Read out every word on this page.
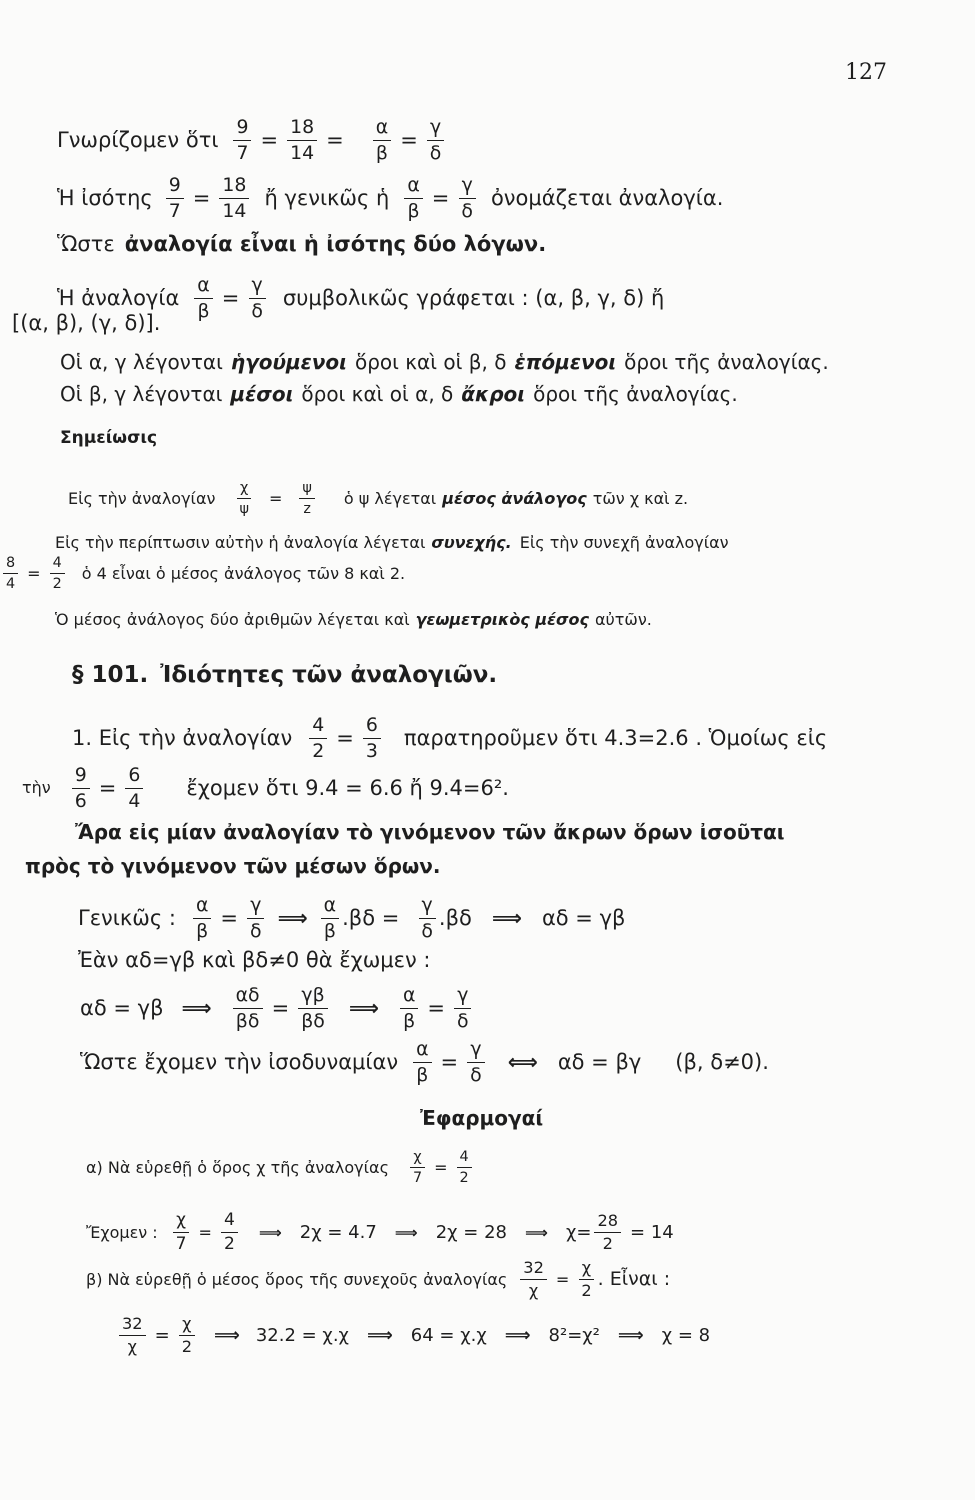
127
Γνωρίζομεν ὅτι $\frac{9}{7} = \frac{18}{14} = \frac{\alpha}{\beta} = \frac{\gamma}{\delta}$
Ἡ ἰσότης $\frac{9}{7} = \frac{18}{14}$ ἤ γενικῶς ἡ $\frac{\alpha}{\beta} = \frac{\gamma}{\delta}$ ὀνομάζεται ἀναλογία.
Ὥστε ἀναλογία εἶναι ἡ ἰσότης δύο λόγων.
Ἡ ἀναλογία $\frac{\alpha}{\beta} = \frac{\gamma}{\delta}$ συμβολικῶς γράφεται : (α, β, γ, δ) ἤ
[(α, β), (γ, δ)].
Οἱ α, γ λέγονται ἡγούμενοι ὅροι καὶ οἱ β, δ ἑπόμενοι ὅροι τῆς ἀναλογίας.
Οἱ β, γ λέγονται μέσοι ὅροι καὶ οἱ α, δ ἄκροι ὅροι τῆς ἀναλογίας.
Σημείωσις
Εἰς τὴν ἀναλογίαν $\frac{\chi}{\psi} = \frac{\psi}{z}$ ὁ ψ λέγεται μέσος ἀνάλογος τῶν χ καὶ z.
Εἰς τὴν περίπτωσιν αὐτὴν ἡ ἀναλογία λέγεται συνεχής. Εἰς τὴν συνεχῆ ἀναλογίαν
$\frac{8}{4} = \frac{4}{2}$ ὁ 4 εἶναι ὁ μέσος ἀνάλογος τῶν 8 καὶ 2.
Ὁ μέσος ἀνάλογος δύο ἀριθμῶν λέγεται καὶ γεωμετρικὸς μέσος αὐτῶν.
§ 101. Ἰδιότητες τῶν ἀναλογιῶν.
1. Εἰς τὴν ἀναλογίαν $\frac{4}{2} = \frac{6}{3}$ παρατηροῦμεν ὅτι 4.3=2.6 . Ὁμοίως εἰς
τὴν $\frac{9}{6} = \frac{6}{4}$ ἔχομεν ὅτι 9.4 = 6.6 ἤ 9.4=6².
Ἄρα εἰς μίαν ἀναλογίαν τὸ γινόμενον τῶν ἄκρων ὅρων ἰσοῦται
πρὸς τὸ γινόμενον τῶν μέσων ὅρων.
Γενικῶς : $\frac{\alpha}{\beta} = \frac{\gamma}{\delta}$ ⟹ $\frac{\alpha}{\beta} .\beta\delta = \frac{\gamma}{\delta} .\beta\delta$ ⟹ αδ = γβ
Ἐὰν αδ=γβ καὶ βδ≠0 θὰ ἔχωμεν :
αδ = γβ ⟹ $\frac{\alpha\delta}{\beta\delta} = \frac{\gamma\beta}{\beta\delta}$ ⟹ $\frac{\alpha}{\beta} = \frac{\gamma}{\delta}$
Ὥστε ἔχομεν τὴν ἰσοδυναμίαν $\frac{\alpha}{\beta} = \frac{\gamma}{\delta}$ ⟺ αδ = βγ (β, δ≠0).
Ἐφαρμογαί
α) Νὰ εὑρεθῇ ὁ ὅρος χ τῆς ἀναλογίας $\frac{\chi}{7} = \frac{4}{2}$
Ἔχομεν : $\frac{\chi}{7} = \frac{4}{2}$ ⟹ 2χ = 4.7 ⟹ 2χ = 28 ⟹ $\chi= \frac{28}{2} = 14$
β) Νὰ εὑρεθῇ ὁ μέσος ὅρος τῆς συνεχοῦς ἀναλογίας $\frac{32}{\chi} = \frac{\chi}{2}$ . Εἶναι :
$\frac{32}{\chi} = \frac{\chi}{2}$ ⟹ 32.2 = χ.χ ⟹ 64 = χ.χ ⟹ 8²=χ² ⟹ χ = 8
